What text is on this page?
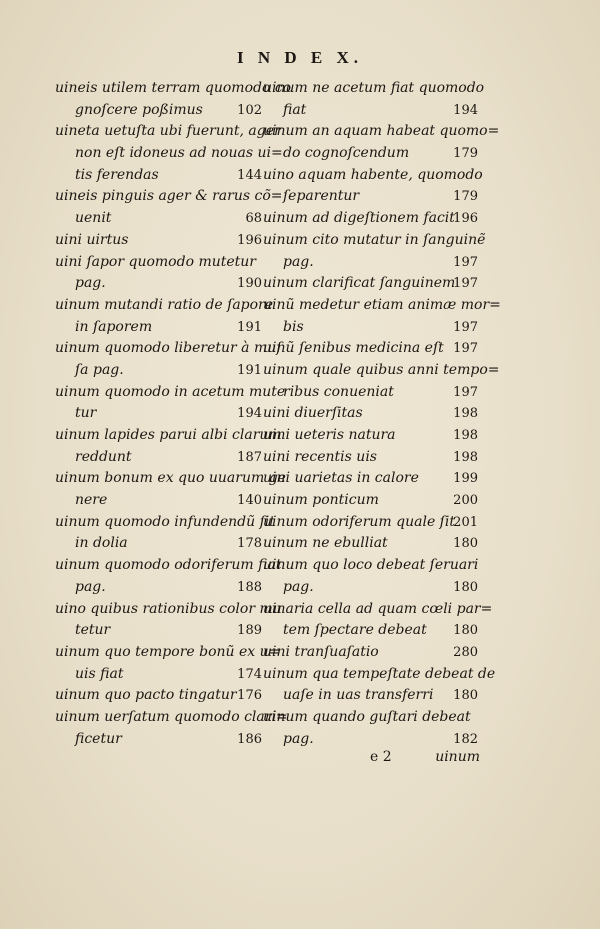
I N D E X.
uineis utilem terram quomodo co
gnoſcere poßimus	102
uineta uetuſta ubi fuerunt, ager
non eſt idoneus ad nouas ui=
tis ferendas	144
uineis pinguis ager & rarus cõ=
uenit	68
uini uirtus	196
uini ſapor quomodo mutetur
pag.	190
uinum mutandi ratio de ſapore
in ſaporem	191
uinum quomodo liberetur à muſ
ſa pag.	191
uinum quomodo in acetum mute
tur	194
uinum lapides parui albi clarum
reddunt	187
uinum bonum ex quo uuarum ge
nere	140
uinum quomodo infundendũ ſit
in dolia	178
uinum quomodo odoriferum fiat
pag.	188
uino quibus rationibus color mu
tetur	189
uinum quo tempore bonũ ex u=
uis fiat	174
uinum quo pacto tingatur 176
uinum uerſatum quomodo clari=
ficetur	186
uinum ne acetum fiat quomodo
fiat	194
uinum an aquam habeat quomo=
do cognoſcendum	179
uino aquam habente, quomodo
ſeparentur	179
uinum ad digeſtionem facit
196
uinum cito mutatur in ſanguinẽ
pag.	197
uinum clarificat ſanguinem
197
uinũ medetur etiam animæ mor=
bis	197
uinũ ſenibus medicina eſt 197
uinum quale quibus anni tempo=
ribus conueniat	197
uini diuerſitas	198
uini ueteris natura	198
uini recentis uis	198
uini uarietas in calore	199
uinum ponticum	200
uinum odoriferum quale ſit
201
uinum ne ebulliat	180
uinum quo loco debeat ſeruari
pag.	180
uinaria cella ad quam cœli par=
tem ſpectare debeat 180
uini tranſuaſatio	280
uinum qua tempeſtate debeat de
uaſe in uas transferri 180
uinum quando guſtari debeat
pag.	182
e 2	uinum
